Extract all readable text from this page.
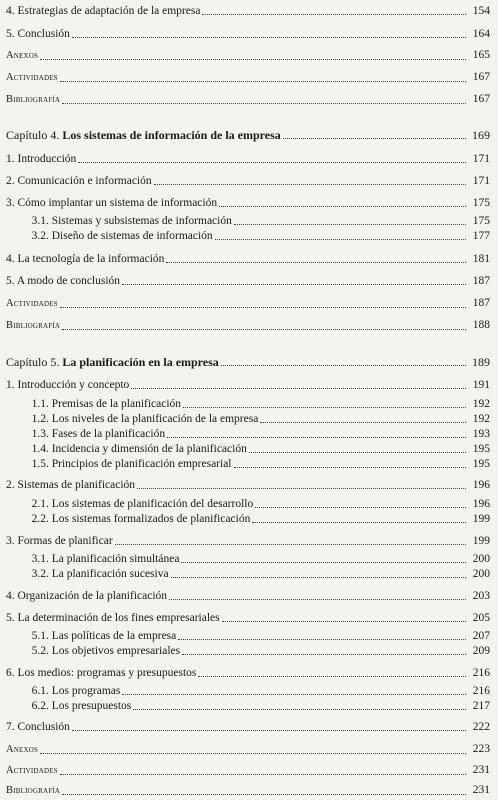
4. Estrategias de adaptación de la empresa	154
5. Conclusión	164
Anexos	165
Actividades	167
Bibliografía	167
Capítulo 4. Los sistemas de información de la empresa	169
1. Introducción	171
2. Comunicación e información	171
3. Cómo implantar un sistema de información	175
3.1. Sistemas y subsistemas de información	175
3.2. Diseño de sistemas de información	177
4. La tecnología de la información	181
5. A modo de conclusión	187
Actividades	187
Bibliografía	188
Capítulo 5. La planificación en la empresa	189
1. Introducción y concepto	191
1.1. Premisas de la planificación	192
1.2. Los niveles de la planificación de la empresa	192
1.3. Fases de la planificación	193
1.4. Incidencia y dimensión de la planificación	195
1.5. Principios de planificación empresarial	195
2. Sistemas de planificación	196
2.1. Los sistemas de planificación del desarrollo	196
2.2. Los sistemas formalizados de planificación	199
3. Formas de planificar	199
3.1. La planificación simultánea	200
3.2. La planificación sucesiva	200
4. Organización de la planificación	203
5. La determinación de los fines empresariales	205
5.1. Las políticas de la empresa	207
5.2. Los objetivos empresariales	209
6. Los medios: programas y presupuestos	216
6.1. Los programas	216
6.2. Los presupuestos	217
7. Conclusión	222
Anexos	223
Actividades	231
Bibliografía	231
